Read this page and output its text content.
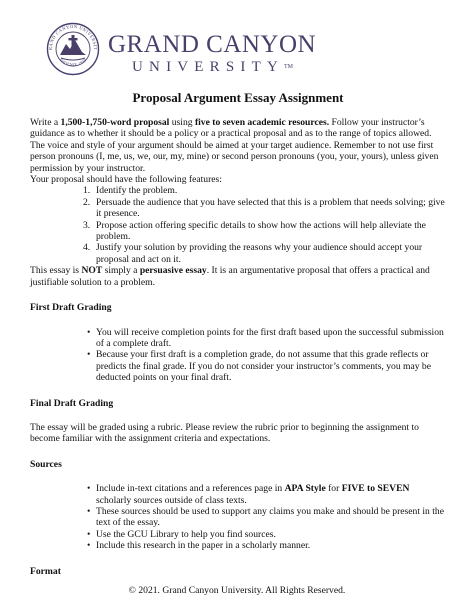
RAND CANYON UNIVERSIT
PHOENIX 1949
GRAND CANYON
UNIVERSITY™
Proposal Argument Essay Assignment

Write a 1,500-1,750-word proposal using five to seven academic resources. Follow your instructor’s guidance as to whether it should be a policy or a practical proposal and as to the range of topics allowed.

The voice and style of your argument should be aimed at your target audience. Remember to not use first person pronouns (I, me, us, we, our, my, mine) or second person pronouns (you, your, yours), unless given permission by your instructor.

Your proposal should have the following features:

1. Identify the problem.
2. Persuade the audience that you have selected that this is a problem that needs solving; give it presence.
3. Propose action offering specific details to show how the actions will help alleviate the problem.
4. Justify your solution by providing the reasons why your audience should accept your proposal and act on it.

This essay is NOT simply a persuasive essay. It is an argumentative proposal that offers a practical and justifiable solution to a problem.

First Draft Grading
• You will receive completion points for the first draft based upon the successful submission of a complete draft.
• Because your first draft is a completion grade, do not assume that this grade reflects or predicts the final grade. If you do not consider your instructor’s comments, you may be deducted points on your final draft.
Final Draft Grading

The essay will be graded using a rubric. Please review the rubric prior to beginning the assignment to become familiar with the assignment criteria and expectations.

Sources
• Include in-text citations and a references page in APA Style for FIVE to SEVEN scholarly sources outside of class texts.
• These sources should be used to support any claims you make and should be present in the text of the essay.
• Use the GCU Library to help you find sources.
• Include this research in the paper in a scholarly manner.
Format
© 2021. Grand Canyon University. All Rights Reserved.
